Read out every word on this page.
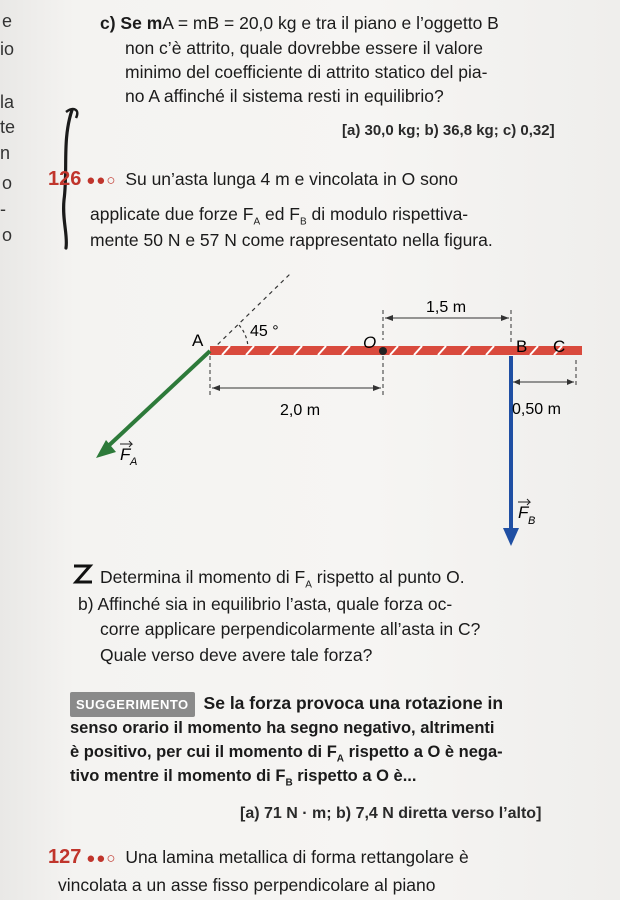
e
io
la
te
n
o
-
o
c) Se mA = mB = 20,0 kg e tra il piano e l’oggetto B
non c’è attrito, quale dovrebbe essere il valore
minimo del coefficiente di attrito statico del pia-
no A affinché il sistema resti in equilibrio?
[a) 30,0 kg; b) 36,8 kg; c) 0,32]
126 ●●○ Su un’asta lunga 4 m e vincolata in O sono
applicate due forze $F_A$ ed $F_B$ di modulo rispettiva-
mente 50 N e 57 N come rappresentato nella figura.
A	45 °
O	B C
1,5 m
2,0 m	0,50 m
F A
F B
Determina il momento di $F_A$ rispetto al punto O.
b) Affinché sia in equilibrio l’asta, quale forza oc-
corre applicare perpendicolarmente all’asta in C?
Quale verso deve avere tale forza?
SUGGERIMENTO Se la forza provoca una rotazione in
senso orario il momento ha segno negativo, altrimenti
è positivo, per cui il momento di $F_A$ rispetto a O è nega-
tivo mentre il momento di $F_B$ rispetto a O è...
[a) 71 N · m; b) 7,4 N diretta verso l’alto]
127 ●●○ Una lamina metallica di forma rettangolare è
vincolata a un asse fisso perpendicolare al piano
